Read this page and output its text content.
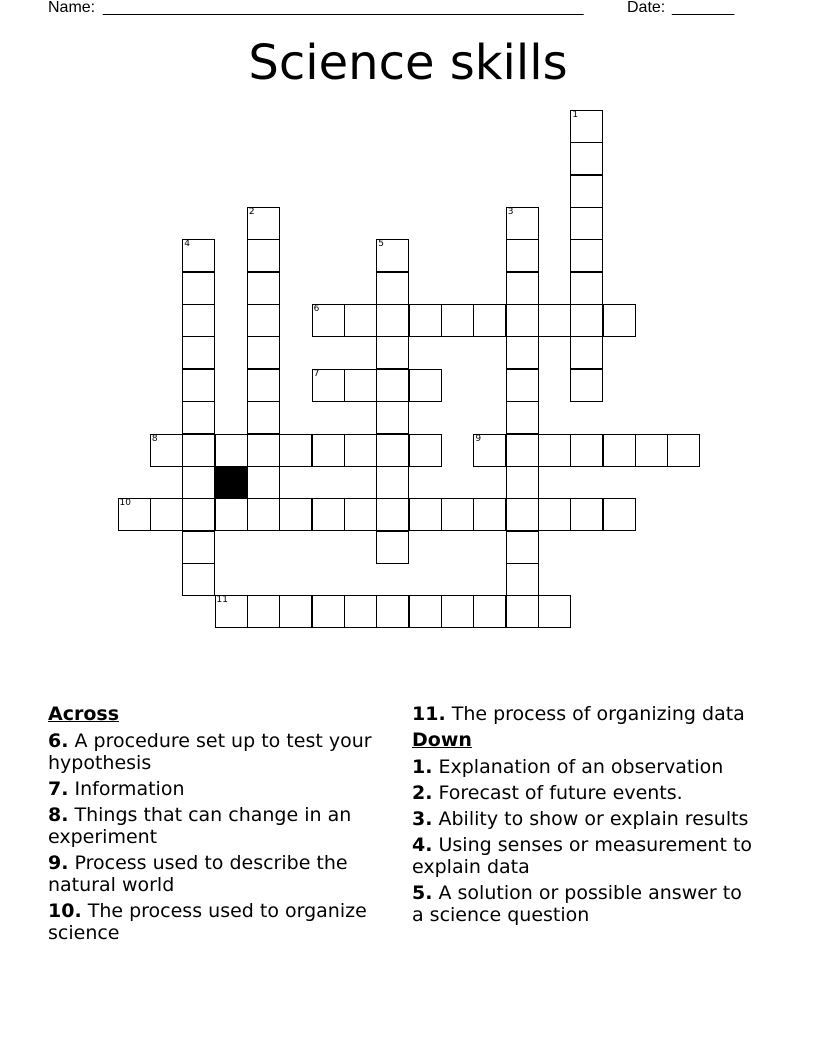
Name: ______________________________________________________	Date: _______
Science skills
1
2	3
4	5
6
7
8	9
10
11
Across
6. A procedure set up to test your hypothesis
7. Information
8. Things that can change in an experiment
9. Process used to describe the natural world
10. The process used to organize science
11. The process of organizing data
Down
1. Explanation of an observation
2. Forecast of future events.
3. Ability to show or explain results
4. Using senses or measurement to explain data
5. A solution or possible answer to a science question
